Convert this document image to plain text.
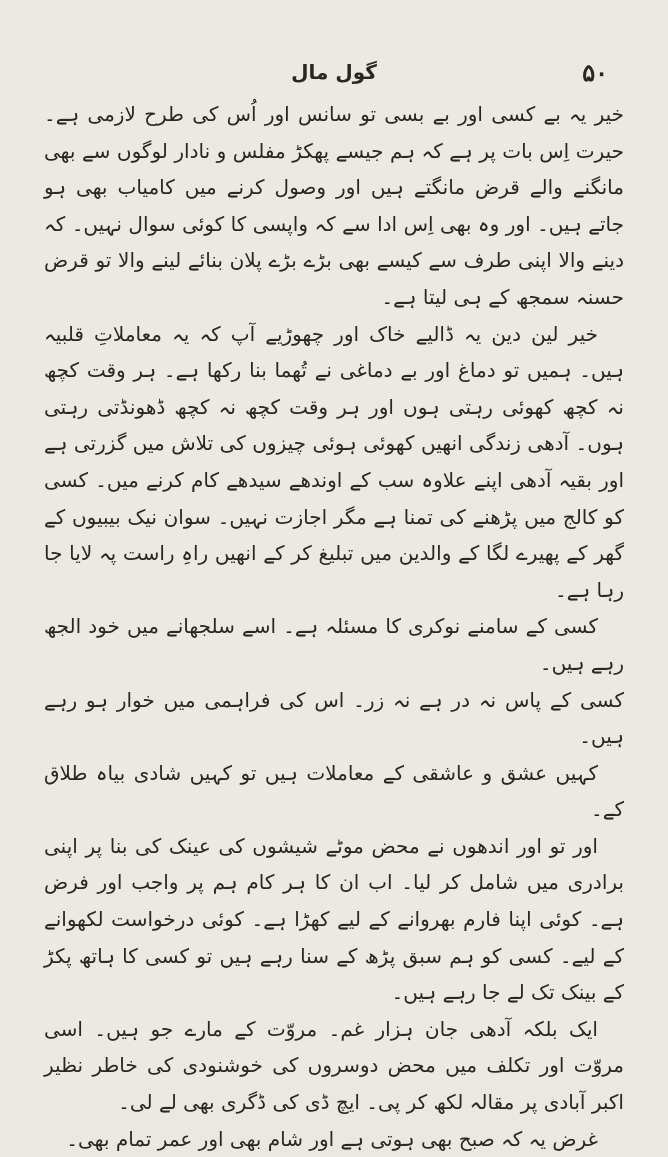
۵۰
گول مال

خیر یہ بے کسی اور بے بسی تو سانس اور اُس کی طرح لازمی ہے۔ حیرت اِس بات پر ہے کہ ہم جیسے پھکڑ مفلس و نادار لوگوں سے بھی مانگنے والے قرض مانگتے ہیں اور وصول کرنے میں کامیاب بھی ہو جاتے ہیں۔ اور وہ بھی اِس ادا سے کہ واپسی کا کوئی سوال نہیں۔ کہ دینے والا اپنی طرف سے کیسے بھی بڑے بڑے پلان بنائے لینے والا تو قرض حسنہ سمجھ کے ہی لیتا ہے۔

خیر لین دین یہ ڈالیے خاک اور چھوڑیے آپ کہ یہ معاملاتِ قلبیہ ہیں۔ ہمیں تو دماغ اور بے دماغی نے تُھما بنا رکھا ہے۔ ہر وقت کچھ نہ کچھ کھوئی رہتی ہوں اور ہر وقت کچھ نہ کچھ ڈھونڈتی رہتی ہوں۔ آدھی زندگی انھیں کھوئی ہوئی چیزوں کی تلاش میں گزرتی ہے اور بقیہ آدھی اپنے علاوہ سب کے اوندھے سیدھے کام کرنے میں۔ کسی کو کالج میں پڑھنے کی تمنا ہے مگر اجازت نہیں۔ سوان نیک بیبیوں کے گھر کے پھیرے لگا کے والدین میں تبلیغ کر کے انھیں راہِ راست پہ لایا جا رہا ہے۔

کسی کے سامنے نوکری کا مسئلہ ہے۔ اسے سلجھانے میں خود الجھ رہے ہیں۔

کسی کے پاس نہ در ہے نہ زر۔ اس کی فراہمی میں خوار ہو رہے ہیں۔

کہیں عشق و عاشقی کے معاملات ہیں تو کہیں شادی بیاہ طلاق کے۔

اور تو اور اندھوں نے محض موٹے شیشوں کی عینک کی بنا پر اپنی برادری میں شامل کر لیا۔ اب ان کا ہر کام ہم پر واجب اور فرض ہے۔ کوئی اپنا فارم بھروانے کے لیے کھڑا ہے۔ کوئی درخواست لکھوانے کے لیے۔ کسی کو ہم سبق پڑھ کے سنا رہے ہیں تو کسی کا ہاتھ پکڑ کے بینک تک لے جا رہے ہیں۔

ایک بلکہ آدھی جان ہزار غم۔ مروّت کے مارے جو ہیں۔ اسی مروّت اور تکلف میں محض دوسروں کی خوشنودی کی خاطر نظیر اکبر آبادی پر مقالہ لکھ کر پی۔ ایچ ڈی کی ڈگری بھی لے لی۔

غرض یہ کہ صبح بھی ہوتی ہے اور شام بھی اور عمر تمام بھی۔
